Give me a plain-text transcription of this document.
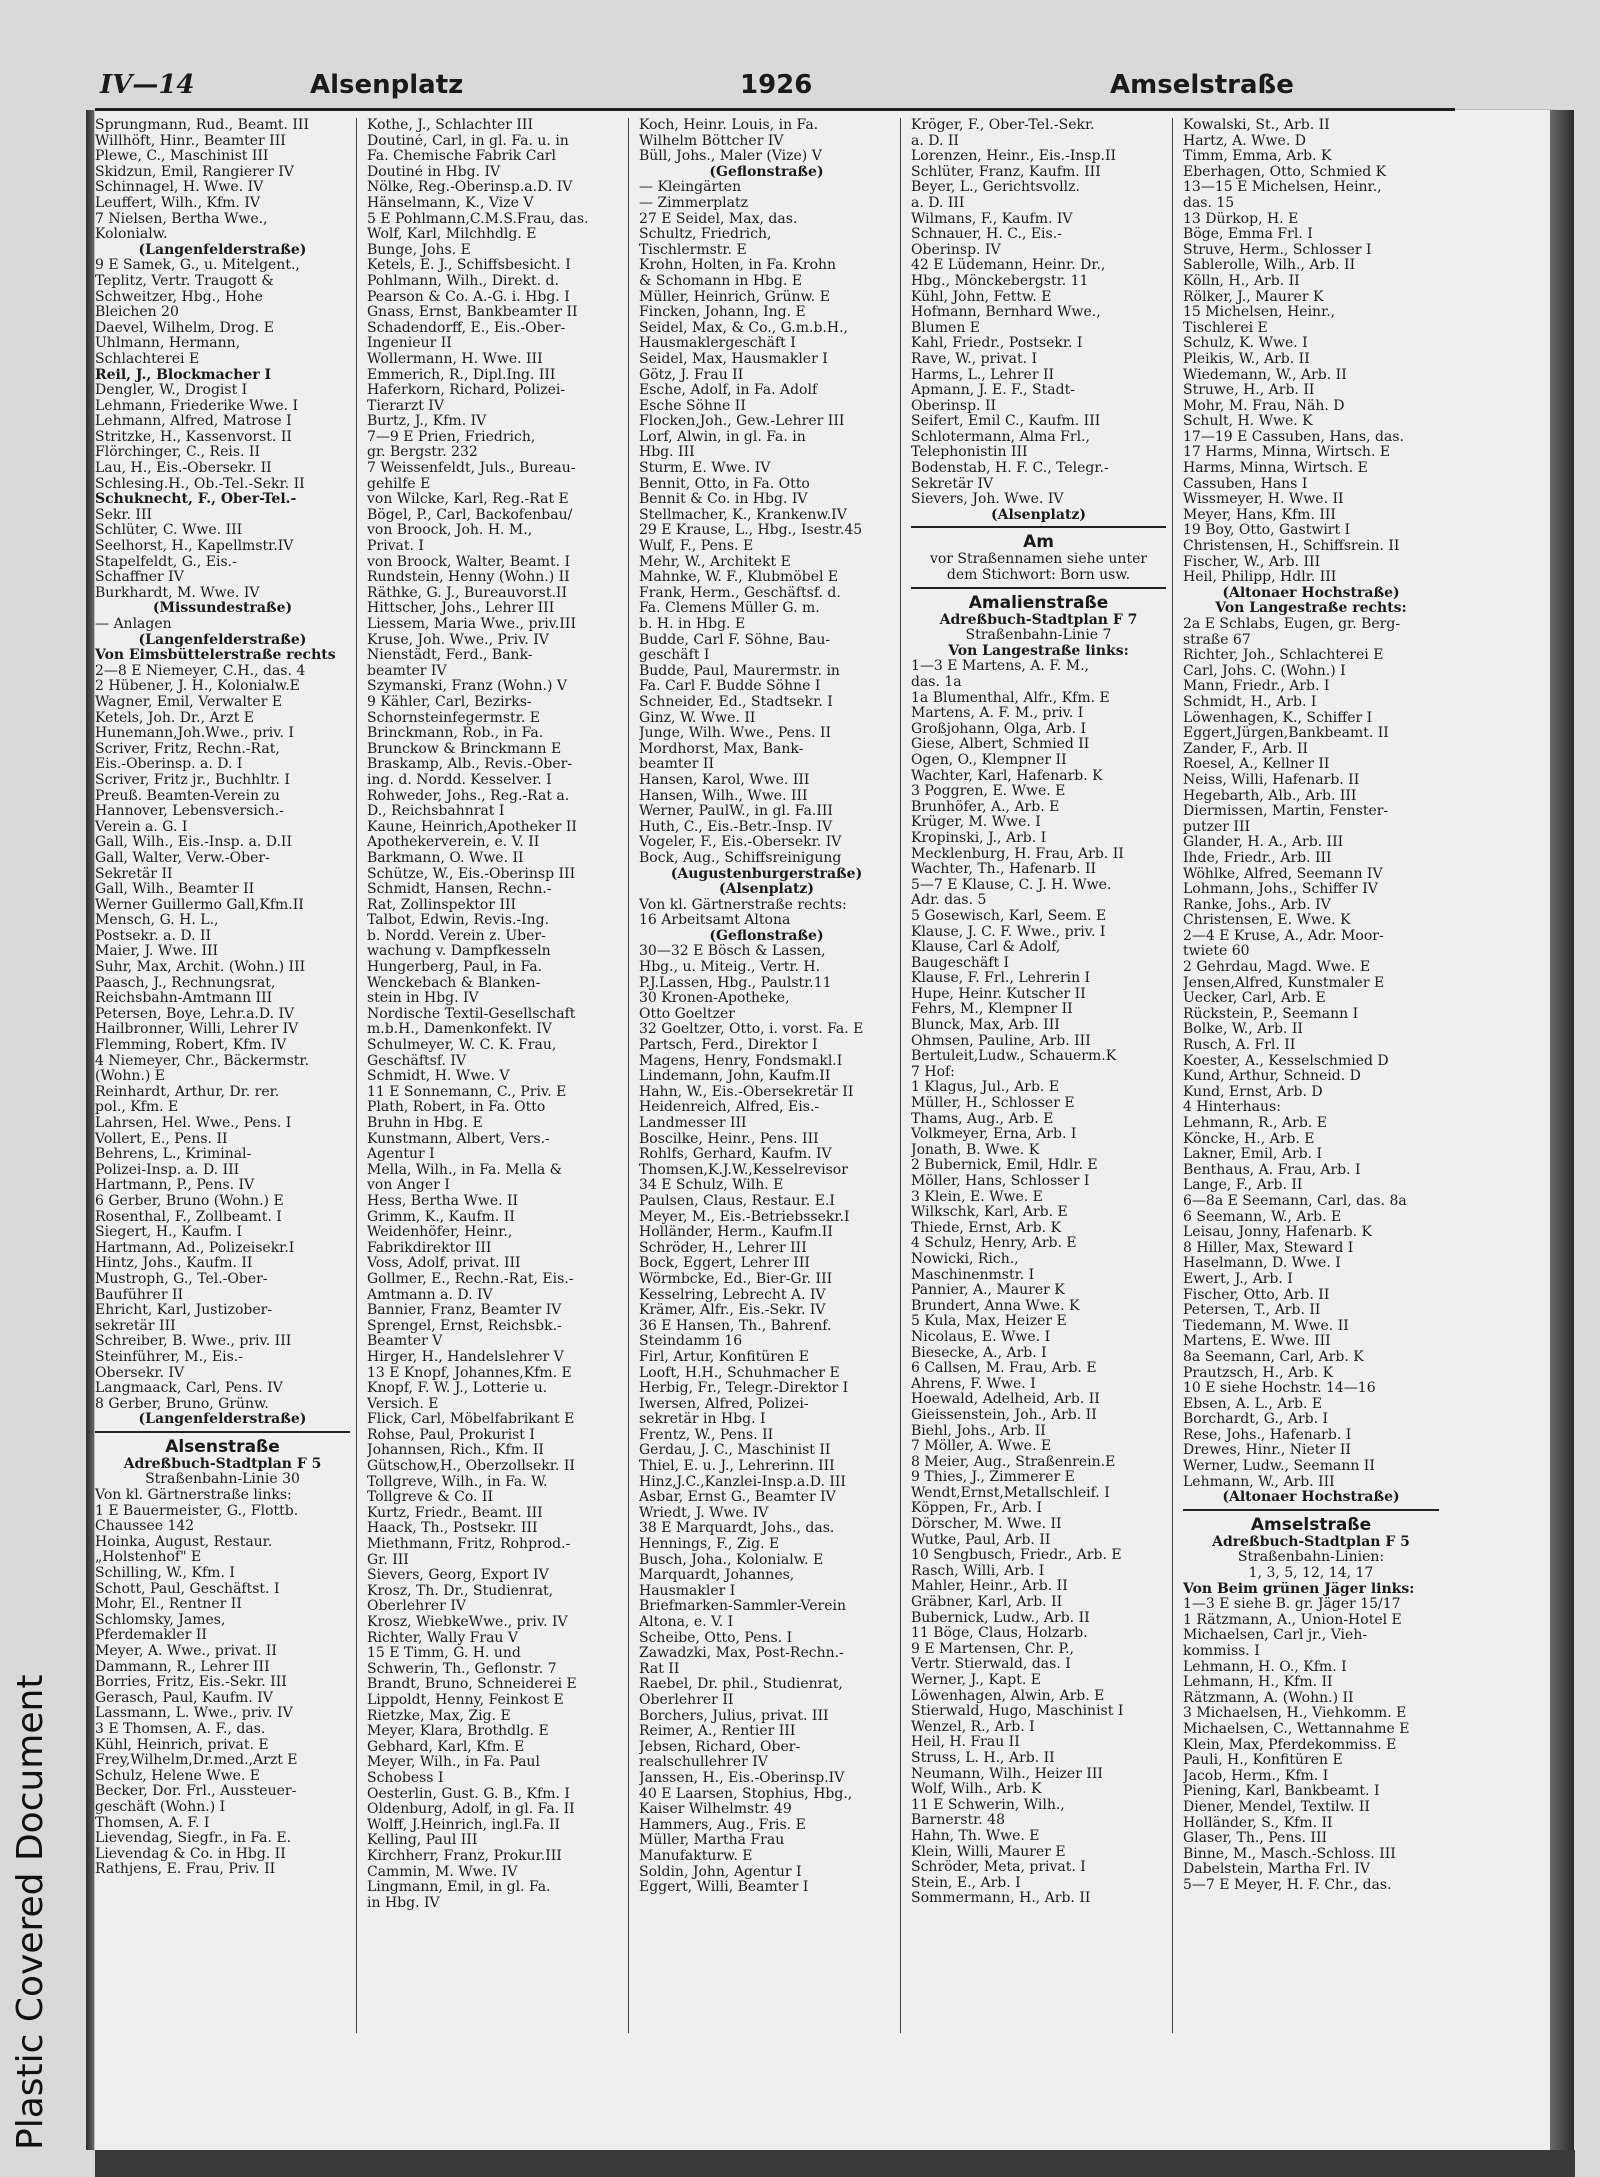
Plastic Covered Document
IV—14	Alsenplatz	1926	Amselstraße
Sprungmann, Rud., Beamt. III
Willhöft, Hinr., Beamter III
Plewe, C., Maschinist III
Skidzun, Emil, Rangierer IV
Schinnagel, H. Wwe. IV
Leuffert, Wilh., Kfm. IV
7 Nielsen, Bertha Wwe.,
Kolonialw.
(Langenfelderstraße)
9 E Samek, G., u. Mitelgent.,
Teplitz, Vertr. Traugott &
Schweitzer, Hbg., Hohe
Bleichen 20
Daevel, Wilhelm, Drog. E
Uhlmann, Hermann,
Schlachterei E
Reil, J., Blockmacher I
Dengler, W., Drogist I
Lehmann, Friederike Wwe. I
Lehmann, Alfred, Matrose I
Stritzke, H., Kassenvorst. II
Flörchinger, C., Reis. II
Lau, H., Eis.-Obersekr. II
Schlesing.H., Ob.-Tel.-Sekr. II
Schuknecht, F., Ober-Tel.-
Sekr. III
Schlüter, C. Wwe. III
Seelhorst, H., Kapellmstr.IV
Stapelfeldt, G., Eis.-
Schaffner IV
Burkhardt, M. Wwe. IV
(Missundestraße)
— Anlagen
(Langenfelderstraße)
Von Eimsbüttelerstraße rechts
2—8 E Niemeyer, C.H., das. 4
2 Hübener, J. H., Kolonialw.E
Wagner, Emil, Verwalter E
Ketels, Joh. Dr., Arzt E
Hunemann,Joh.Wwe., priv. I
Scriver, Fritz, Rechn.-Rat,
Eis.-Oberinsp. a. D. I
Scriver, Fritz jr., Buchhltr. I
Preuß. Beamten-Verein zu
Hannover, Lebensversich.-
Verein a. G. I
Gall, Wilh., Eis.-Insp. a. D.II
Gall, Walter, Verw.-Ober-
Sekretär II
Gall, Wilh., Beamter II
Werner Guillermo Gall,Kfm.II
Mensch, G. H. L.,
Postsekr. a. D. II
Maier, J. Wwe. III
Suhr, Max, Archit. (Wohn.) III
Paasch, J., Rechnungsrat,
Reichsbahn-Amtmann III
Petersen, Boye, Lehr.a.D. IV
Hailbronner, Willi, Lehrer IV
Flemming, Robert, Kfm. IV
4 Niemeyer, Chr., Bäckermstr.
(Wohn.) E
Reinhardt, Arthur, Dr. rer.
pol., Kfm. E
Lahrsen, Hel. Wwe., Pens. I
Vollert, E., Pens. II
Behrens, L., Kriminal-
Polizei-Insp. a. D. III
Hartmann, P., Pens. IV
6 Gerber, Bruno (Wohn.) E
Rosenthal, F., Zollbeamt. I
Siegert, H., Kaufm. I
Hartmann, Ad., Polizeisekr.I
Hintz, Johs., Kaufm. II
Mustroph, G., Tel.-Ober-
Bauführer II
Ehricht, Karl, Justizober-
sekretär III
Schreiber, B. Wwe., priv. III
Steinführer, M., Eis.-
Obersekr. IV
Langmaack, Carl, Pens. IV
8 Gerber, Bruno, Grünw.
(Langenfelderstraße)
Alsenstraße
Adreßbuch-Stadtplan F 5
Straßenbahn-Linie 30
Von kl. Gärtnerstraße links:
1 E Bauermeister, G., Flottb.
Chaussee 142
Hoinka, August, Restaur.
„Holstenhof" E
Schilling, W., Kfm. I
Schott, Paul, Geschäftst. I
Mohr, El., Rentner II
Schlomsky, James,
Pferdemakler II
Meyer, A. Wwe., privat. II
Dammann, R., Lehrer III
Borries, Fritz, Eis.-Sekr. III
Gerasch, Paul, Kaufm. IV
Lassmann, L. Wwe., priv. IV
3 E Thomsen, A. F., das.
Kühl, Heinrich, privat. E
Frey,Wilhelm,Dr.med.,Arzt E
Schulz, Helene Wwe. E
Becker, Dor. Frl., Aussteuer-
geschäft (Wohn.) I
Thomsen, A. F. I
Lievendag, Siegfr., in Fa. E.
Lievendag & Co. in Hbg. II
Rathjens, E. Frau, Priv. II
Kothe, J., Schlachter III
Doutiné, Carl, in gl. Fa. u. in
Fa. Chemische Fabrik Carl
Doutiné in Hbg. IV
Nölke, Reg.-Oberinsp.a.D. IV
Hänselmann, K., Vize V
5 E Pohlmann,C.M.S.Frau, das.
Wolf, Karl, Milchhdlg. E
Bunge, Johs. E
Ketels, E. J., Schiffsbesicht. I
Pohlmann, Wilh., Direkt. d.
Pearson & Co. A.-G. i. Hbg. I
Gnass, Ernst, Bankbeamter II
Schadendorff, E., Eis.-Ober-
Ingenieur II
Wollermann, H. Wwe. III
Emmerich, R., Dipl.Ing. III
Haferkorn, Richard, Polizei-
Tierarzt IV
Burtz, J., Kfm. IV
7—9 E Prien, Friedrich,
gr. Bergstr. 232
7 Weissenfeldt, Juls., Bureau-
gehilfe E
von Wilcke, Karl, Reg.-Rat E
Bögel, P., Carl, Backofenbau/
von Broock, Joh. H. M.,
Privat. I
von Broock, Walter, Beamt. I
Rundstein, Henny (Wohn.) II
Räthke, G. J., Bureauvorst.II
Hittscher, Johs., Lehrer III
Liessem, Maria Wwe., priv.III
Kruse, Joh. Wwe., Priv. IV
Nienstädt, Ferd., Bank-
beamter IV
Szymanski, Franz (Wohn.) V
9 Kähler, Carl, Bezirks-
Schornsteinfegermstr. E
Brinckmann, Rob., in Fa.
Brunckow & Brinckmann E
Braskamp, Alb., Revis.-Ober-
ing. d. Nordd. Kesselver. I
Rohweder, Johs., Reg.-Rat a.
D., Reichsbahnrat I
Kaune, Heinrich,Apotheker II
Apothekerverein, e. V. II
Barkmann, O. Wwe. II
Schütze, W., Eis.-Oberinsp III
Schmidt, Hansen, Rechn.-
Rat, Zollinspektor III
Talbot, Edwin, Revis.-Ing.
b. Nordd. Verein z. Über-
wachung v. Dampfkesseln
Hungerberg, Paul, in Fa.
Wenckebach & Blanken-
stein in Hbg. IV
Nordische Textil-Gesellschaft
m.b.H., Damenkonfekt. IV
Schulmeyer, W. C. K. Frau,
Geschäftsf. IV
Schmidt, H. Wwe. V
11 E Sonnemann, C., Priv. E
Plath, Robert, in Fa. Otto
Bruhn in Hbg. E
Kunstmann, Albert, Vers.-
Agentur I
Mella, Wilh., in Fa. Mella &
von Anger I
Hess, Bertha Wwe. II
Grimm, K., Kaufm. II
Weidenhöfer, Heinr.,
Fabrikdirektor III
Voss, Adolf, privat. III
Gollmer, E., Rechn.-Rat, Eis.-
Amtmann a. D. IV
Bannier, Franz, Beamter IV
Sprengel, Ernst, Reichsbk.-
Beamter V
Hirger, H., Handelslehrer V
13 E Knopf, Johannes,Kfm. E
Knopf, F. W. J., Lotterie u.
Versich. E
Flick, Carl, Möbelfabrikant E
Rohse, Paul, Prokurist I
Johannsen, Rich., Kfm. II
Gütschow,H., Oberzollsekr. II
Tollgreve, Wilh., in Fa. W.
Tollgreve & Co. II
Kurtz, Friedr., Beamt. III
Haack, Th., Postsekr. III
Miethmann, Fritz, Rohprod.-
Gr. III
Sievers, Georg, Export IV
Krosz, Th. Dr., Studienrat,
Oberlehrer IV
Krosz, WiebkeWwe., priv. IV
Richter, Wally Frau V
15 E Timm, G. H. und
Schwerin, Th., Geflonstr. 7
Brandt, Bruno, Schneiderei E
Lippoldt, Henny, Feinkost E
Rietzke, Max, Zig. E
Meyer, Klara, Brothdlg. E
Gebhard, Karl, Kfm. E
Meyer, Wilh., in Fa. Paul
Schobess I
Oesterlin, Gust. G. B., Kfm. I
Oldenburg, Adolf, in gl. Fa. II
Wolff, J.Heinrich, ingl.Fa. II
Kelling, Paul III
Kirchherr, Franz, Prokur.III
Cammin, M. Wwe. IV
Lingmann, Emil, in gl. Fa.
in Hbg. IV
Koch, Heinr. Louis, in Fa.
Wilhelm Böttcher IV
Büll, Johs., Maler (Vize) V
(Geflonstraße)
— Kleingärten
— Zimmerplatz
27 E Seidel, Max, das.
Schultz, Friedrich,
Tischlermstr. E
Krohn, Holten, in Fa. Krohn
& Schomann in Hbg. E
Müller, Heinrich, Grünw. E
Fincken, Johann, Ing. E
Seidel, Max, & Co., G.m.b.H.,
Hausmaklergeschäft I
Seidel, Max, Hausmakler I
Götz, J. Frau II
Esche, Adolf, in Fa. Adolf
Esche Söhne II
Flocken,Joh., Gew.-Lehrer III
Lorf, Alwin, in gl. Fa. in
Hbg. III
Sturm, E. Wwe. IV
Bennit, Otto, in Fa. Otto
Bennit & Co. in Hbg. IV
Stellmacher, K., Krankenw.IV
29 E Krause, L., Hbg., Isestr.45
Wulf, F., Pens. E
Mehr, W., Architekt E
Mahnke, W. F., Klubmöbel E
Frank, Herm., Geschäftsf. d.
Fa. Clemens Müller G. m.
b. H. in Hbg. E
Budde, Carl F. Söhne, Bau-
geschäft I
Budde, Paul, Maurermstr. in
Fa. Carl F. Budde Söhne I
Schneider, Ed., Stadtsekr. I
Ginz, W. Wwe. II
Junge, Wilh. Wwe., Pens. II
Mordhorst, Max, Bank-
beamter II
Hansen, Karol, Wwe. III
Hansen, Wilh., Wwe. III
Werner, PaulW., in gl. Fa.III
Huth, C., Eis.-Betr.-Insp. IV
Vogeler, F., Eis.-Obersekr. IV
Bock, Aug., Schiffsreinigung
(Augustenburgerstraße)
(Alsenplatz)
Von kl. Gärtnerstraße rechts:
16 Arbeitsamt Altona
(Geflonstraße)
30—32 E Bösch & Lassen,
Hbg., u. Miteig., Vertr. H.
P.J.Lassen, Hbg., Paulstr.11
30 Kronen-Apotheke,
Otto Goeltzer
32 Goeltzer, Otto, i. vorst. Fa. E
Partsch, Ferd., Direktor I
Magens, Henry, Fondsmakl.I
Lindemann, John, Kaufm.II
Hahn, W., Eis.-Obersekretär II
Heidenreich, Alfred, Eis.-
Landmesser III
Boscilke, Heinr., Pens. III
Rohlfs, Gerhard, Kaufm. IV
Thomsen,K.J.W.,Kesselrevisor
34 E Schulz, Wilh. E
Paulsen, Claus, Restaur. E.I
Meyer, M., Eis.-Betriebssekr.I
Holländer, Herm., Kaufm.II
Schröder, H., Lehrer III
Bock, Eggert, Lehrer III
Wörmbcke, Ed., Bier-Gr. III
Kesselring, Lebrecht A. IV
Krämer, Alfr., Eis.-Sekr. IV
36 E Hansen, Th., Bahrenf.
Steindamm 16
Firl, Artur, Konfitüren E
Looft, H.H., Schuhmacher E
Herbig, Fr., Telegr.-Direktor I
Iwersen, Alfred, Polizei-
sekretär in Hbg. I
Frentz, W., Pens. II
Gerdau, J. C., Maschinist II
Thiel, E. u. J., Lehrerinn. III
Hinz,J.C.,Kanzlei-Insp.a.D. III
Asbar, Ernst G., Beamter IV
Wriedt, J. Wwe. IV
38 E Marquardt, Johs., das.
Hennings, F., Zig. E
Busch, Joha., Kolonialw. E
Marquardt, Johannes,
Hausmakler I
Briefmarken-Sammler-Verein
Altona, e. V. I
Scheibe, Otto, Pens. I
Zawadzki, Max, Post-Rechn.-
Rat II
Raebel, Dr. phil., Studienrat,
Oberlehrer II
Borchers, Julius, privat. III
Reimer, A., Rentier III
Jebsen, Richard, Ober-
realschullehrer IV
Janssen, H., Eis.-Oberinsp.IV
40 E Laarsen, Stophius, Hbg.,
Kaiser Wilhelmstr. 49
Hammers, Aug., Fris. E
Müller, Martha Frau
Manufakturw. E
Soldin, John, Agentur I
Eggert, Willi, Beamter I
Kröger, F., Ober-Tel.-Sekr.
a. D. II
Lorenzen, Heinr., Eis.-Insp.II
Schlüter, Franz, Kaufm. III
Beyer, L., Gerichtsvollz.
a. D. III
Wilmans, F., Kaufm. IV
Schnauer, H. C., Eis.-
Oberinsp. IV
42 E Lüdemann, Heinr. Dr.,
Hbg., Mönckebergstr. 11
Kühl, John, Fettw. E
Hofmann, Bernhard Wwe.,
Blumen E
Kahl, Friedr., Postsekr. I
Rave, W., privat. I
Harms, L., Lehrer II
Apmann, J. E. F., Stadt-
Oberinsp. II
Seifert, Emil C., Kaufm. III
Schlotermann, Alma Frl.,
Telephonistin III
Bodenstab, H. F. C., Telegr.-
Sekretär IV
Sievers, Joh. Wwe. IV
(Alsenplatz)
Am
vor Straßennamen siehe unter
dem Stichwort: Born usw.
Amalienstraße
Adreßbuch-Stadtplan F 7
Straßenbahn-Linie 7
Von Langestraße links:
1—3 E Martens, A. F. M.,
das. 1a
1a Blumenthal, Alfr., Kfm. E
Martens, A. F. M., priv. I
Großjohann, Olga, Arb. I
Giese, Albert, Schmied II
Ogen, O., Klempner II
Wachter, Karl, Hafenarb. K
3 Poggren, E. Wwe. E
Brunhöfer, A., Arb. E
Krüger, M. Wwe. I
Kropinski, J., Arb. I
Mecklenburg, H. Frau, Arb. II
Wachter, Th., Hafenarb. II
5—7 E Klause, C. J. H. Wwe.
Adr. das. 5
5 Gosewisch, Karl, Seem. E
Klause, J. C. F. Wwe., priv. I
Klause, Carl & Adolf,
Baugeschäft I
Klause, F. Frl., Lehrerin I
Hupe, Heinr. Kutscher II
Fehrs, M., Klempner II
Blunck, Max, Arb. III
Ohmsen, Pauline, Arb. III
Bertuleit,Ludw., Schauerm.K
7 Hof:
1 Klagus, Jul., Arb. E
Müller, H., Schlosser E
Thams, Aug., Arb. E
Volkmeyer, Erna, Arb. I
Jonath, B. Wwe. K
2 Bubernick, Emil, Hdlr. E
Möller, Hans, Schlosser I
3 Klein, E. Wwe. E
Wilkschk, Karl, Arb. E
Thiede, Ernst, Arb. K
4 Schulz, Henry, Arb. E
Nowicki, Rich.,
Maschinenmstr. I
Pannier, A., Maurer K
Brundert, Anna Wwe. K
5 Kula, Max, Heizer E
Nicolaus, E. Wwe. I
Biesecke, A., Arb. I
6 Callsen, M. Frau, Arb. E
Ahrens, F. Wwe. I
Hoewald, Adelheid, Arb. II
Gieissenstein, Joh., Arb. II
Biehl, Johs., Arb. II
7 Möller, A. Wwe. E
8 Meier, Aug., Straßenrein.E
9 Thies, J., Zimmerer E
Wendt,Ernst,Metallschleif. I
Köppen, Fr., Arb. I
Dörscher, M. Wwe. II
Wutke, Paul, Arb. II
10 Sengbusch, Friedr., Arb. E
Rasch, Willi, Arb. I
Mahler, Heinr., Arb. II
Gräbner, Karl, Arb. II
Bubernick, Ludw., Arb. II
11 Böge, Claus, Holzarb.
9 E Martensen, Chr. P.,
Vertr. Stierwald, das. I
Werner, J., Kapt. E
Löwenhagen, Alwin, Arb. E
Stierwald, Hugo, Maschinist I
Wenzel, R., Arb. I
Heil, H. Frau II
Struss, L. H., Arb. II
Neumann, Wilh., Heizer III
Wolf, Wilh., Arb. K
11 E Schwerin, Wilh.,
Barnerstr. 48
Hahn, Th. Wwe. E
Klein, Willi, Maurer E
Schröder, Meta, privat. I
Stein, E., Arb. I
Sommermann, H., Arb. II
Kowalski, St., Arb. II
Hartz, A. Wwe. D
Timm, Emma, Arb. K
Eberhagen, Otto, Schmied K
13—15 E Michelsen, Heinr.,
das. 15
13 Dürkop, H. E
Böge, Emma Frl. I
Struve, Herm., Schlosser I
Sablerolle, Wilh., Arb. II
Kölln, H., Arb. II
Rölker, J., Maurer K
15 Michelsen, Heinr.,
Tischlerei E
Schulz, K. Wwe. I
Pleikis, W., Arb. II
Wiedemann, W., Arb. II
Struwe, H., Arb. II
Mohr, M. Frau, Näh. D
Schult, H. Wwe. K
17—19 E Cassuben, Hans, das.
17 Harms, Minna, Wirtsch. E
Harms, Minna, Wirtsch. E
Cassuben, Hans I
Wissmeyer, H. Wwe. II
Meyer, Hans, Kfm. III
19 Boy, Otto, Gastwirt I
Christensen, H., Schiffsrein. II
Fischer, W., Arb. III
Heil, Philipp, Hdlr. III
(Altonaer Hochstraße)
Von Langestraße rechts:
2a E Schlabs, Eugen, gr. Berg-
straße 67
Richter, Joh., Schlachterei E
Carl, Johs. C. (Wohn.) I
Mann, Friedr., Arb. I
Schmidt, H., Arb. I
Löwenhagen, K., Schiffer I
Eggert,Jürgen,Bankbeamt. II
Zander, F., Arb. II
Roesel, A., Kellner II
Neiss, Willi, Hafenarb. II
Hegebarth, Alb., Arb. III
Diermissen, Martin, Fenster-
putzer III
Glander, H. A., Arb. III
Ihde, Friedr., Arb. III
Wöhlke, Alfred, Seemann IV
Lohmann, Johs., Schiffer IV
Ranke, Johs., Arb. IV
Christensen, E. Wwe. K
2—4 E Kruse, A., Adr. Moor-
twiete 60
2 Gehrdau, Magd. Wwe. E
Jensen,Alfred, Kunstmaler E
Uecker, Carl, Arb. E
Rückstein, P., Seemann I
Bolke, W., Arb. II
Rusch, A. Frl. II
Koester, A., Kesselschmied D
Kund, Arthur, Schneid. D
Kund, Ernst, Arb. D
4 Hinterhaus:
Lehmann, R., Arb. E
Köncke, H., Arb. E
Lakner, Emil, Arb. I
Benthaus, A. Frau, Arb. I
Lange, F., Arb. II
6—8a E Seemann, Carl, das. 8a
6 Seemann, W., Arb. E
Leisau, Jonny, Hafenarb. K
8 Hiller, Max, Steward I
Haselmann, D. Wwe. I
Ewert, J., Arb. I
Fischer, Otto, Arb. II
Petersen, T., Arb. II
Tiedemann, M. Wwe. II
Martens, E. Wwe. III
8a Seemann, Carl, Arb. K
Prautzsch, H., Arb. K
10 E siehe Hochstr. 14—16
Ebsen, A. L., Arb. E
Borchardt, G., Arb. I
Rese, Johs., Hafenarb. I
Drewes, Hinr., Nieter II
Werner, Ludw., Seemann II
Lehmann, W., Arb. III
(Altonaer Hochstraße)
Amselstraße
Adreßbuch-Stadtplan F 5
Straßenbahn-Linien:
1, 3, 5, 12, 14, 17
Von Beim grünen Jäger links:
1—3 E siehe B. gr. Jäger 15/17
1 Rätzmann, A., Union-Hotel E
Michaelsen, Carl jr., Vieh-
kommiss. I
Lehmann, H. O., Kfm. I
Lehmann, H., Kfm. II
Rätzmann, A. (Wohn.) II
3 Michaelsen, H., Viehkomm. E
Michaelsen, C., Wettannahme E
Klein, Max, Pferdekommiss. E
Pauli, H., Konfitüren E
Jacob, Herm., Kfm. I
Piening, Karl, Bankbeamt. I
Diener, Mendel, Textilw. II
Holländer, S., Kfm. II
Glaser, Th., Pens. III
Binne, M., Masch.-Schloss. III
Dabelstein, Martha Frl. IV
5—7 E Meyer, H. F. Chr., das.
